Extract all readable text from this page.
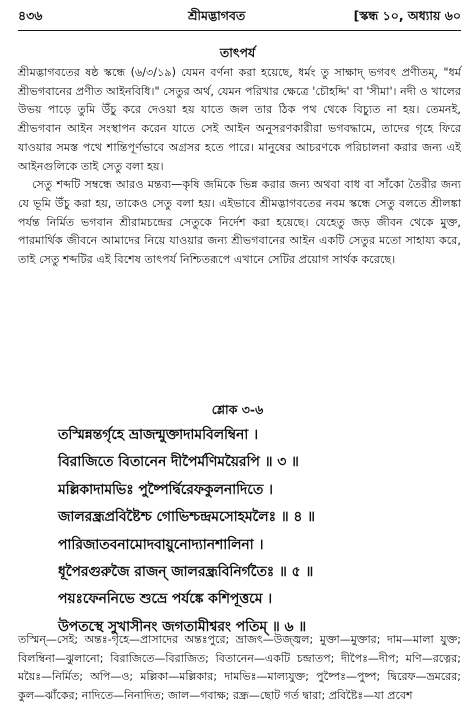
৪৩৬	শ্রীমদ্ভাগবত	[স্কন্ধ ১০, অধ্যায় ৬০
তাৎপর্য

শ্রীমদ্ভাগবতের ষষ্ঠ স্কন্ধে (৬/৩/১৯) যেমন বর্ণনা করা হয়েছে, ধর্মং তু সাক্ষাদ্ ভগবৎ প্রণীতম্, "ধর্ম শ্রীভগবানের প্রণীত আইনবিধি।" সেতুর অর্থ, যেমন পরিখার ক্ষেত্রে 'চৌহদ্দি' বা 'সীমা'। নদী ও খালের উভয় পাড়ে তুমি উঁচু করে দেওয়া হয় যাতে জল তার ঠিক পথ থেকে বিচ্যুত না হয়। তেমনই, শ্রীভগবান আইন সংস্থাপন করেন যাতে সেই আইন অনুসরণকারীরা ভগবদ্ধামে, তাদের গৃহে ফিরে যাওয়ার সমস্ত পথে শান্তিপূর্ণভাবে অগ্রসর হতে পারে। মানুষের আচরণকে পরিচালনা করার জন্য এই আইনগুলিকে তাই সেতু বলা হয়।

সেতু শব্দটি সম্বন্ধে আরও মন্তব্য—কৃষি জমিকে ভিন্ন করার জন্য অথবা বাধ বা সাঁকো তৈরীর জন্য যে ভূমি উঁচু করা হয়, তাকেও সেতু বলা হয়। এইভাবে শ্রীমদ্ভাগবতের নবম স্কন্ধে সেতু বলতে শ্রীলঙ্কা পর্যন্ত নির্মিত ভগবান শ্রীরামচন্দ্রের সেতুকে নির্দেশ করা হয়েছে। যেহেতু জড় জীবন থেকে মুক্ত, পারমার্থিক জীবনে আমাদের নিয়ে যাওয়ার জন্য শ্রীভগবানের আইন একটি সেতুর মতো সাহায্য করে, তাই সেতু শব্দটির এই বিশেষ তাৎপর্য নিশ্চিতরূপে এখানে সেটির প্রয়োগ সার্থক করেছে।

শ্লোক ৩-৬
তস্মিন্নন্তর্গৃহে ভ্রাজন্মুক্তাদামবিলম্বিনা ।
বিরাজিতে বিতানেন দীপৈর্মণিময়ৈরপি ॥ ৩ ॥
মল্লিকাদামভিঃ পুষ্পৈর্দ্বিরেফকুলনাদিতে ।
জালরন্ধ্রপ্রবিষ্টৈশ্চ গোভিশ্চন্দ্রমসোহমলৈঃ ॥ ৪ ॥
পারিজাতবনামোদবায়ুনোদ্যানশালিনা ।
ধূপৈরগুরুজৈ রাজন্ জালরন্ধ্রবিনির্গতৈঃ ॥ ৫ ॥
পয়ঃফেননিভে শুভ্রে পর্যঙ্কে কশিপূত্তমে ।
উপতস্থে সুখাসীনং জগতামীশ্বরং পতিম্ ॥ ৬ ॥

তস্মিন্—সেই; অন্তঃ-গৃহে—প্রাসাদের অন্তঃপুরে; ভ্রাজৎ—উজ্জ্বল; মুক্তা—মুক্তার; দাম—মালা যুক্ত; বিলম্বিনা—ঝুলানো; বিরাজিতে—বিরাজিত; বিতানেন—একটি চন্দ্রাতপ; দীপৈঃ—দীপ; মণি—রত্নের; ময়ৈঃ—নির্মিত; অপি—ও; মল্লিকা—মল্লিকার; দামভিঃ—মাল্যযুক্ত; পুষ্পৈঃ—পুষ্প; দ্বিরেফ—ভ্রমরের; কুল—ঝাঁকের; নাদিতে—নিনাদিত; জাল—গবাক্ষ; রন্ধ্র—ছোট গর্ত দ্বারা; প্রবিষ্টৈঃ—যা প্রবেশ
